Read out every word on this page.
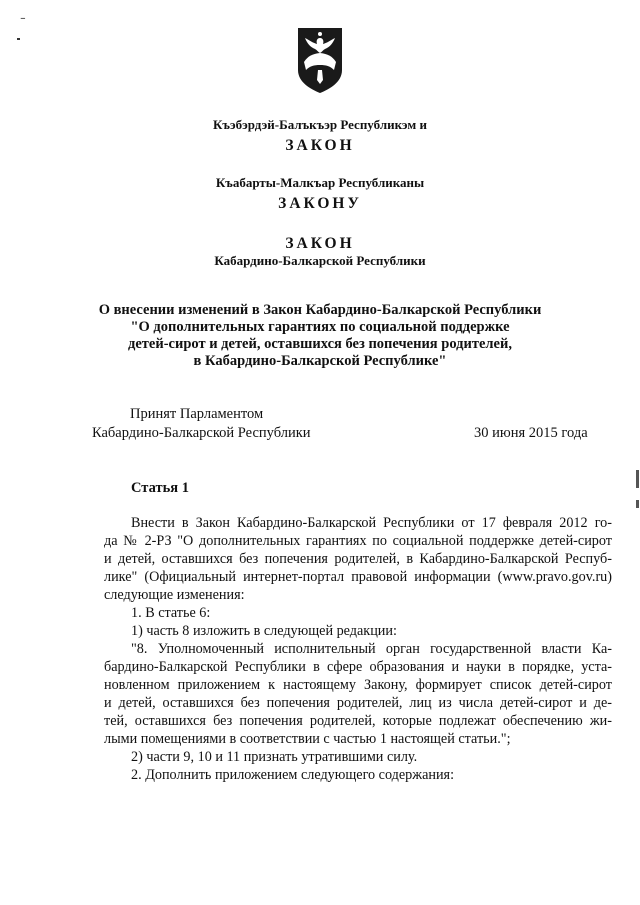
⁻
Къэбэрдэй-Балъкъэр Республикэм и
ЗАКОН
Къабарты-Малкъар Республиканы
ЗАКОНУ
ЗАКОН
Кабардино-Балкарской Республики
О внесении изменений в Закон Кабардино-Балкарской Республики
"О дополнительных гарантиях по социальной поддержке
детей-сирот и детей, оставшихся без попечения родителей,
в Кабардино-Балкарской Республике"
Принят Парламентом
Кабардино-Балкарской Республики	30 июня 2015 года
Статья 1
Внести в Закон Кабардино-Балкарской Республики от 17 февраля 2012 го-
да № 2-РЗ "О дополнительных гарантиях по социальной поддержке детей-сирот
и детей, оставшихся без попечения родителей, в Кабардино-Балкарской Респуб-
лике" (Официальный интернет-портал правовой информации (www.pravo.gov.ru)
следующие изменения:
1. В статье 6:
1) часть 8 изложить в следующей редакции:
"8. Уполномоченный исполнительный орган государственной власти Ка-
бардино-Балкарской Республики в сфере образования и науки в порядке, уста-
новленном приложением к настоящему Закону, формирует список детей-сирот
и детей, оставшихся без попечения родителей, лиц из числа детей-сирот и де-
тей, оставшихся без попечения родителей, которые подлежат обеспечению жи-
лыми помещениями в соответствии с частью 1 настоящей статьи.";
2) части 9, 10 и 11 признать утратившими силу.
2. Дополнить приложением следующего содержания:
